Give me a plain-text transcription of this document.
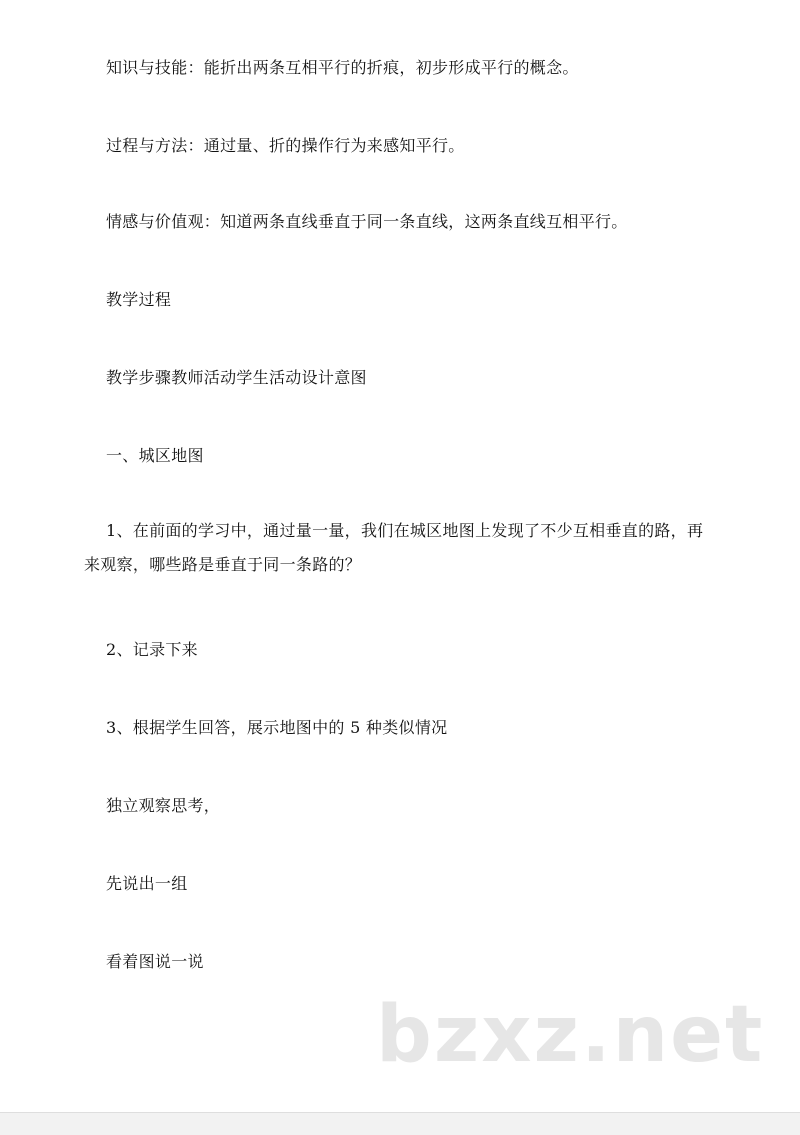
知识与技能：能折出两条互相平行的折痕，初步形成平行的概念。

过程与方法：通过量、折的操作行为来感知平行。

情感与价值观：知道两条直线垂直于同一条直线，这两条直线互相平行。

教学过程

教学步骤教师活动学生活动设计意图

一、城区地图

1、在前面的学习中，通过量一量，我们在城区地图上发现了不少互相垂直的路，再来观察，哪些路是垂直于同一条路的？

2、记录下来

3、根据学生回答，展示地图中的 5 种类似情况

独立观察思考，

先说出一组

看着图说一说

bzxz.net
